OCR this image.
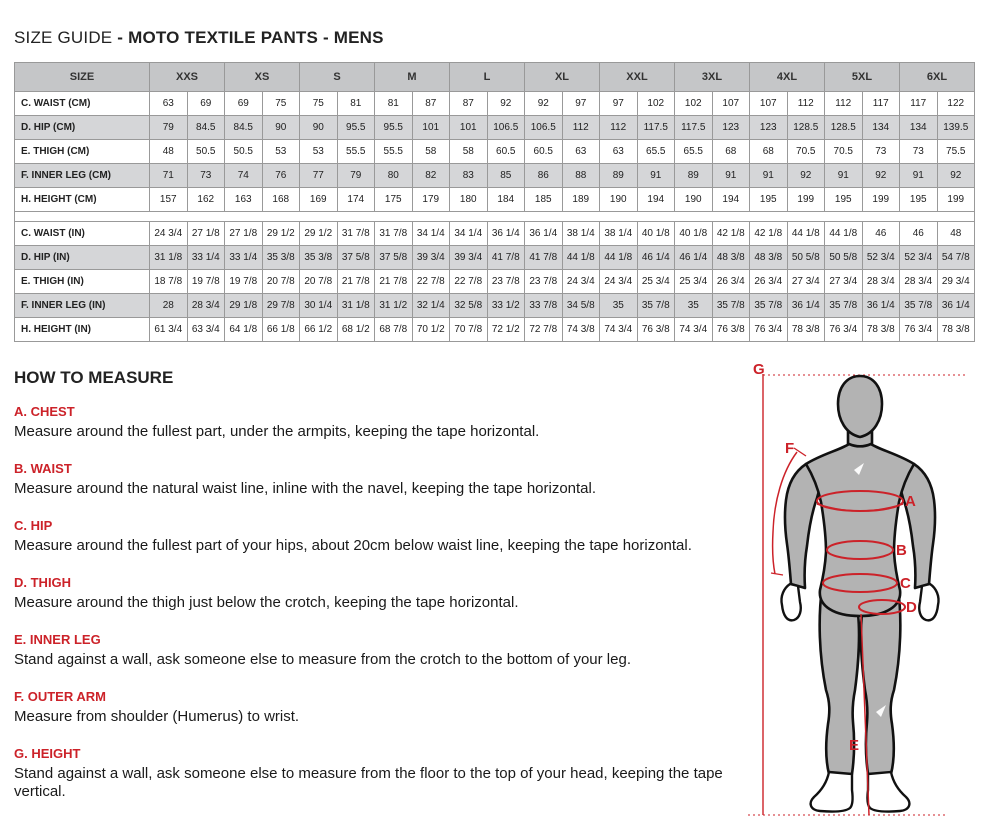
SIZE GUIDE - MOTO TEXTILE PANTS - MENS
SIZE	XXS		XS		S		M		L		XL		XXL		3XL		4XL		5XL		6XL	
C. WAIST (CM)	63	69	69	75	75	81	81	87	87	92	92	97	97	102	102	107	107	112	112	117	117	122
D. HIP (CM)	79	84.5	84.5	90	90	95.5	95.5	101	101	106.5	106.5	112	112	117.5	117.5	123	123	128.5	128.5	134	134	139.5
E. THIGH (CM)	48	50.5	50.5	53	53	55.5	55.5	58	58	60.5	60.5	63	63	65.5	65.5	68	68	70.5	70.5	73	73	75.5
F. INNER LEG (CM)	71	73	74	76	77	79	80	82	83	85	86	88	89	91	89	91	91	92	91	92	91	92
H. HEIGHT (CM)	157	162	163	168	169	174	175	179	180	184	185	189	190	194	190	194	195	199	195	199	195	199

C. WAIST (IN)	24 3/4	27 1/8	27 1/8	29 1/2	29 1/2	31 7/8	31 7/8	34 1/4	34 1/4	36 1/4	36 1/4	38 1/4	38 1/4	40 1/8	40 1/8	42 1/8	42 1/8	44 1/8	44 1/8	46	46	48
D. HIP (IN)	31 1/8	33 1/4	33 1/4	35 3/8	35 3/8	37 5/8	37 5/8	39 3/4	39 3/4	41 7/8	41 7/8	44 1/8	44 1/8	46 1/4	46 1/4	48 3/8	48 3/8	50 5/8	50 5/8	52 3/4	52 3/4	54 7/8
E. THIGH (IN)	18 7/8	19 7/8	19 7/8	20 7/8	20 7/8	21 7/8	21 7/8	22 7/8	22 7/8	23 7/8	23 7/8	24 3/4	24 3/4	25 3/4	25 3/4	26 3/4	26 3/4	27 3/4	27 3/4	28 3/4	28 3/4	29 3/4
F. INNER LEG (IN)	28	28 3/4	29 1/8	29 7/8	30 1/4	31 1/8	31 1/2	32 1/4	32 5/8	33 1/2	33 7/8	34 5/8	35	35 7/8	35	35 7/8	35 7/8	36 1/4	35 7/8	36 1/4	35 7/8	36 1/4
H. HEIGHT (IN)	61 3/4	63 3/4	64 1/8	66 1/8	66 1/2	68 1/2	68 7/8	70 1/2	70 7/8	72 1/2	72 7/8	74 3/8	74 3/4	76 3/8	74 3/4	76 3/8	76 3/4	78 3/8	76 3/4	78 3/8	76 3/4	78 3/8
HOW TO MEASURE
A. CHEST
Measure around the fullest part, under the armpits, keeping the tape horizontal.
B. WAIST
Measure around the natural waist line, inline with the navel, keeping the tape horizontal.
C. HIP
Measure around the fullest part of your hips, about 20cm below waist line, keeping the tape horizontal.
D. THIGH
Measure around the thigh just below the crotch, keeping the tape horizontal.
E. INNER LEG
Stand against a wall, ask someone else to measure from the crotch to the bottom of your leg.
F. OUTER ARM
Measure from shoulder (Humerus) to wrist.
G. HEIGHT
Stand against a wall, ask someone else to measure from the floor to the top of your head, keeping the tape vertical.
G
F
A
B
C
D
E
